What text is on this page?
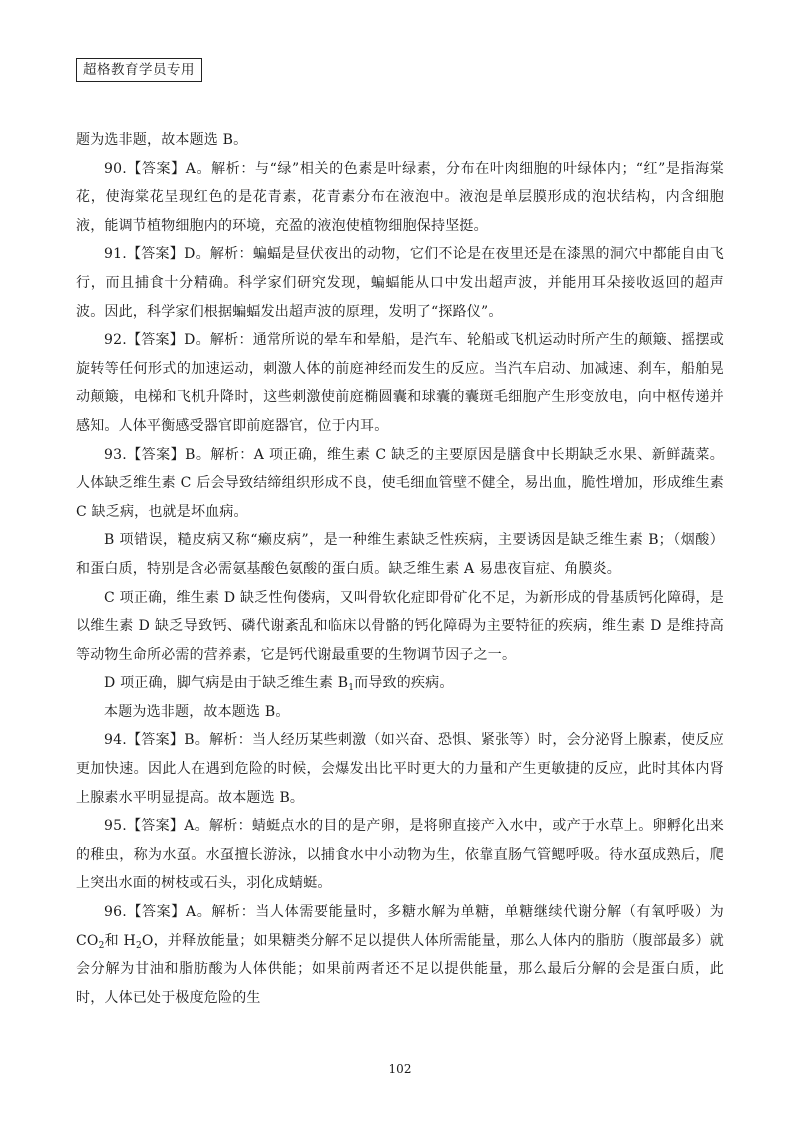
超格教育学员专用

题为选非题，故本题选 B。

90.【答案】A。解析：与“绿”相关的色素是叶绿素，分布在叶肉细胞的叶绿体内；“红”是指海棠花，使海棠花呈现红色的是花青素，花青素分布在液泡中。液泡是单层膜形成的泡状结构，内含细胞液，能调节植物细胞内的环境，充盈的液泡使植物细胞保持坚挺。

91.【答案】D。解析：蝙蝠是昼伏夜出的动物，它们不论是在夜里还是在漆黑的洞穴中都能自由飞行，而且捕食十分精确。科学家们研究发现，蝙蝠能从口中发出超声波，并能用耳朵接收返回的超声波。因此，科学家们根据蝙蝠发出超声波的原理，发明了“探路仪”。

92.【答案】D。解析：通常所说的晕车和晕船，是汽车、轮船或飞机运动时所产生的颠簸、摇摆或旋转等任何形式的加速运动，刺激人体的前庭神经而发生的反应。当汽车启动、加减速、刹车，船舶晃动颠簸，电梯和飞机升降时，这些刺激使前庭椭圆囊和球囊的囊斑毛细胞产生形变放电，向中枢传递并感知。人体平衡感受器官即前庭器官，位于内耳。

93.【答案】B。解析：A 项正确，维生素 C 缺乏的主要原因是膳食中长期缺乏水果、新鲜蔬菜。人体缺乏维生素 C 后会导致结缔组织形成不良，使毛细血管壁不健全，易出血，脆性增加，形成维生素 C 缺乏病，也就是坏血病。

B 项错误，糙皮病又称“癞皮病”，是一种维生素缺乏性疾病，主要诱因是缺乏维生素 B；（烟酸）和蛋白质，特别是含必需氨基酸色氨酸的蛋白质。缺乏维生素 A 易患夜盲症、角膜炎。

C 项正确，维生素 D 缺乏性佝偻病，又叫骨软化症即骨矿化不足，为新形成的骨基质钙化障碍，是以维生素 D 缺乏导致钙、磷代谢紊乱和临床以骨骼的钙化障碍为主要特征的疾病，维生素 D 是维持高等动物生命所必需的营养素，它是钙代谢最重要的生物调节因子之一。

D 项正确，脚气病是由于缺乏维生素 $B_1$而导致的疾病。

本题为选非题，故本题选 B。

94.【答案】B。解析：当人经历某些刺激（如兴奋、恐惧、紧张等）时，会分泌肾上腺素，使反应更加快速。因此人在遇到危险的时候，会爆发出比平时更大的力量和产生更敏捷的反应，此时其体内肾上腺素水平明显提高。故本题选 B。

95.【答案】A。解析：蜻蜓点水的目的是产卵，是将卵直接产入水中，或产于水草上。卵孵化出来的稚虫，称为水虿。水虿擅长游泳，以捕食水中小动物为生，依靠直肠气管鳃呼吸。待水虿成熟后，爬上突出水面的树枝或石头，羽化成蜻蜓。

96.【答案】A。解析：当人体需要能量时，多糖水解为单糖，单糖继续代谢分解（有氧呼吸）为 $CO_2$和 $H_2O$，并释放能量；如果糖类分解不足以提供人体所需能量，那么人体内的脂肪（腹部最多）就会分解为甘油和脂肪酸为人体供能；如果前两者还不足以提供能量，那么最后分解的会是蛋白质，此时，人体已处于极度危险的生

102
